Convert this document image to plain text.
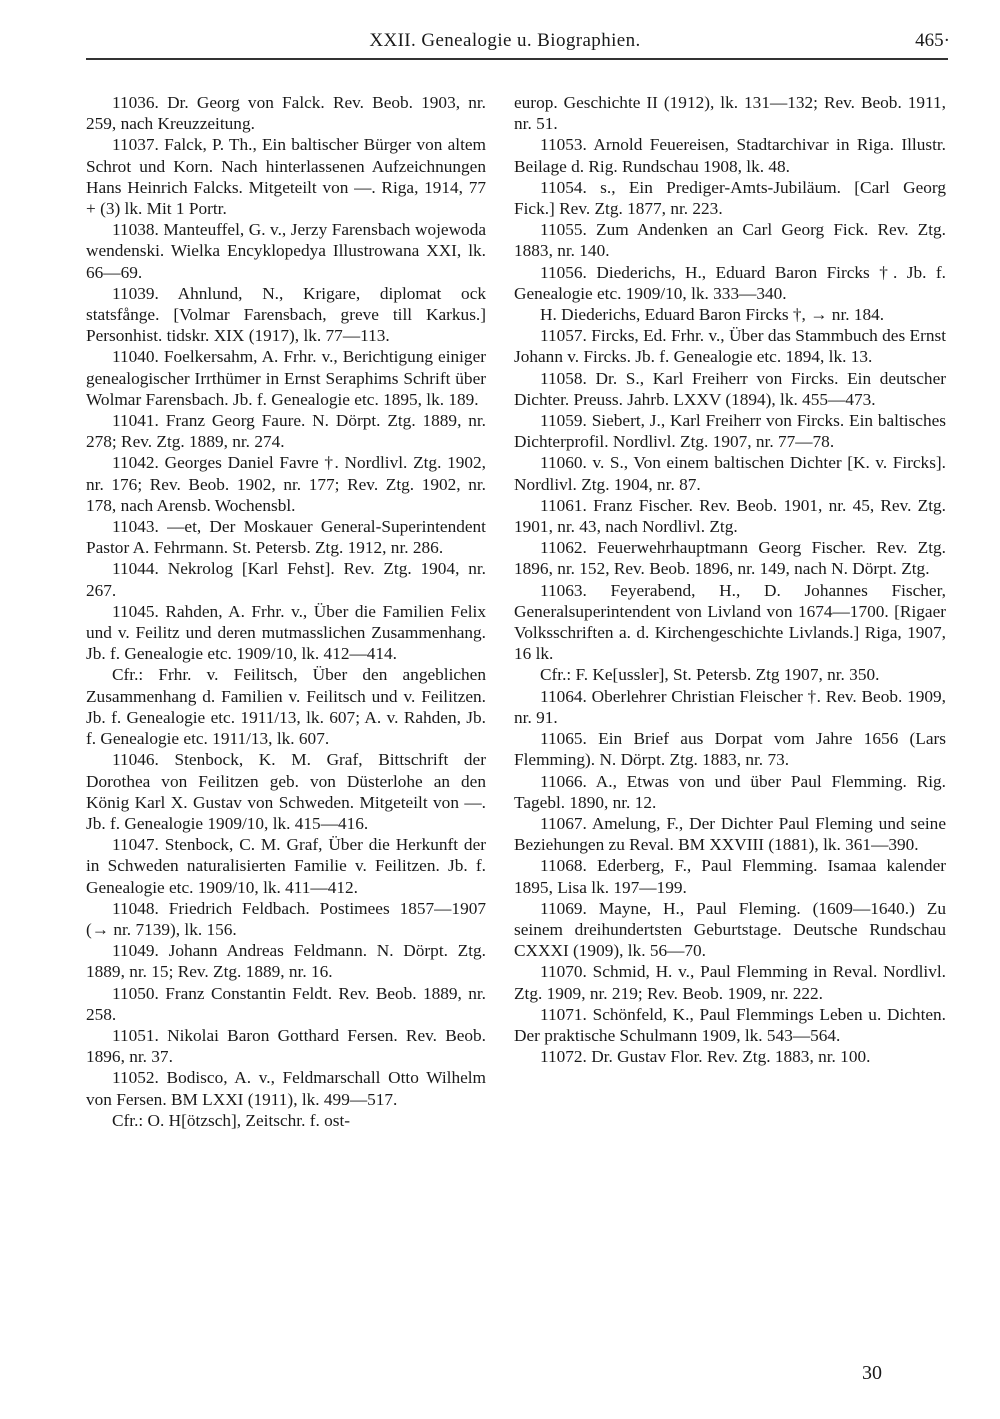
XXII. Genealogie u. Biographien.	465·

11036. Dr. Georg von Falck. Rev. Beob. 1903, nr. 259, nach Kreuzzeitung.

11037. Falck, P. Th., Ein baltischer Bürger von altem Schrot und Korn. Nach hinterlassenen Aufzeichnungen Hans Heinrich Falcks. Mitgeteilt von —. Riga, 1914, 77 + (3) lk. Mit 1 Portr.

11038. Manteuffel, G. v., Jerzy Farensbach wojewoda wendenski. Wielka Encyklopedya Illustrowana XXI, lk. 66—69.

11039. Ahnlund, N., Krigare, diplomat ock statsfånge. [Volmar Farensbach, greve till Karkus.] Personhist. tidskr. XIX (1917), lk. 77—113.

11040. Foelkersahm, A. Frhr. v., Berichtigung einiger genealogischer Irrthümer in Ernst Seraphims Schrift über Wolmar Farensbach. Jb. f. Genealogie etc. 1895, lk. 189.

11041. Franz Georg Faure. N. Dörpt. Ztg. 1889, nr. 278; Rev. Ztg. 1889, nr. 274.

11042. Georges Daniel Favre †. Nordlivl. Ztg. 1902, nr. 176; Rev. Beob. 1902, nr. 177; Rev. Ztg. 1902, nr. 178, nach Arensb. Wochensbl.

11043. —et, Der Moskauer General-Superintendent Pastor A. Fehrmann. St. Petersb. Ztg. 1912, nr. 286.

11044. Nekrolog [Karl Fehst]. Rev. Ztg. 1904, nr. 267.

11045. Rahden, A. Frhr. v., Über die Familien Felix und v. Feilitz und deren mutmasslichen Zusammenhang. Jb. f. Genealogie etc. 1909/10, lk. 412—414.

Cfr.: Frhr. v. Feilitsch, Über den angeblichen Zusammenhang d. Familien v. Feilitsch und v. Feilitzen. Jb. f. Genealogie etc. 1911/13, lk. 607; A. v. Rahden, Jb. f. Genealogie etc. 1911/13, lk. 607.

11046. Stenbock, K. M. Graf, Bittschrift der Dorothea von Feilitzen geb. von Düsterlohe an den König Karl X. Gustav von Schweden. Mitgeteilt von —. Jb. f. Genealogie 1909/10, lk. 415—416.

11047. Stenbock, C. M. Graf, Über die Herkunft der in Schweden naturalisierten Familie v. Feilitzen. Jb. f. Genealogie etc. 1909/10, lk. 411—412.

11048. Friedrich Feldbach. Postimees 1857—1907 (→ nr. 7139), lk. 156.

11049. Johann Andreas Feldmann. N. Dörpt. Ztg. 1889, nr. 15; Rev. Ztg. 1889, nr. 16.

11050. Franz Constantin Feldt. Rev. Beob. 1889, nr. 258.

11051. Nikolai Baron Gotthard Fersen. Rev. Beob. 1896, nr. 37.

11052. Bodisco, A. v., Feldmarschall Otto Wilhelm von Fersen. BM LXXI (1911), lk. 499—517.

Cfr.: O. H[ötzsch], Zeitschr. f. ost-

europ. Geschichte II (1912), lk. 131—132; Rev. Beob. 1911, nr. 51.

11053. Arnold Feuereisen, Stadtarchivar in Riga. Illustr. Beilage d. Rig. Rundschau 1908, lk. 48.

11054. s., Ein Prediger-Amts-Jubiläum. [Carl Georg Fick.] Rev. Ztg. 1877, nr. 223.

11055. Zum Andenken an Carl Georg Fick. Rev. Ztg. 1883, nr. 140.

11056. Diederichs, H., Eduard Baron Fircks †. Jb. f. Genealogie etc. 1909/10, lk. 333—340.

H. Diederichs, Eduard Baron Fircks †, → nr. 184.

11057. Fircks, Ed. Frhr. v., Über das Stammbuch des Ernst Johann v. Fircks. Jb. f. Genealogie etc. 1894, lk. 13.

11058. Dr. S., Karl Freiherr von Fircks. Ein deutscher Dichter. Preuss. Jahrb. LXXV (1894), lk. 455—473.

11059. Siebert, J., Karl Freiherr von Fircks. Ein baltisches Dichterprofil. Nordlivl. Ztg. 1907, nr. 77—78.

11060. v. S., Von einem baltischen Dichter [K. v. Fircks]. Nordlivl. Ztg. 1904, nr. 87.

11061. Franz Fischer. Rev. Beob. 1901, nr. 45, Rev. Ztg. 1901, nr. 43, nach Nordlivl. Ztg.

11062. Feuerwehrhauptmann Georg Fischer. Rev. Ztg. 1896, nr. 152, Rev. Beob. 1896, nr. 149, nach N. Dörpt. Ztg.

11063. Feyerabend, H., D. Johannes Fischer, Generalsuperintendent von Livland von 1674—1700. [Rigaer Volksschriften a. d. Kirchengeschichte Livlands.] Riga, 1907, 16 lk.

Cfr.: F. Ke[ussler], St. Petersb. Ztg 1907, nr. 350.

11064. Oberlehrer Christian Fleischer †. Rev. Beob. 1909, nr. 91.

11065. Ein Brief aus Dorpat vom Jahre 1656 (Lars Flemming). N. Dörpt. Ztg. 1883, nr. 73.

11066. A., Etwas von und über Paul Flemming. Rig. Tagebl. 1890, nr. 12.

11067. Amelung, F., Der Dichter Paul Fleming und seine Beziehungen zu Reval. BM XXVIII (1881), lk. 361—390.

11068. Ederberg, F., Paul Flemming. Isamaa kalender 1895, Lisa lk. 197—199.

11069. Mayne, H., Paul Fleming. (1609—1640.) Zu seinem dreihundertsten Geburtstage. Deutsche Rundschau CXXXI (1909), lk. 56—70.

11070. Schmid, H. v., Paul Flemming in Reval. Nordlivl. Ztg. 1909, nr. 219; Rev. Beob. 1909, nr. 222.

11071. Schönfeld, K., Paul Flemmings Leben u. Dichten. Der praktische Schulmann 1909, lk. 543—564.

11072. Dr. Gustav Flor. Rev. Ztg. 1883, nr. 100.

30
